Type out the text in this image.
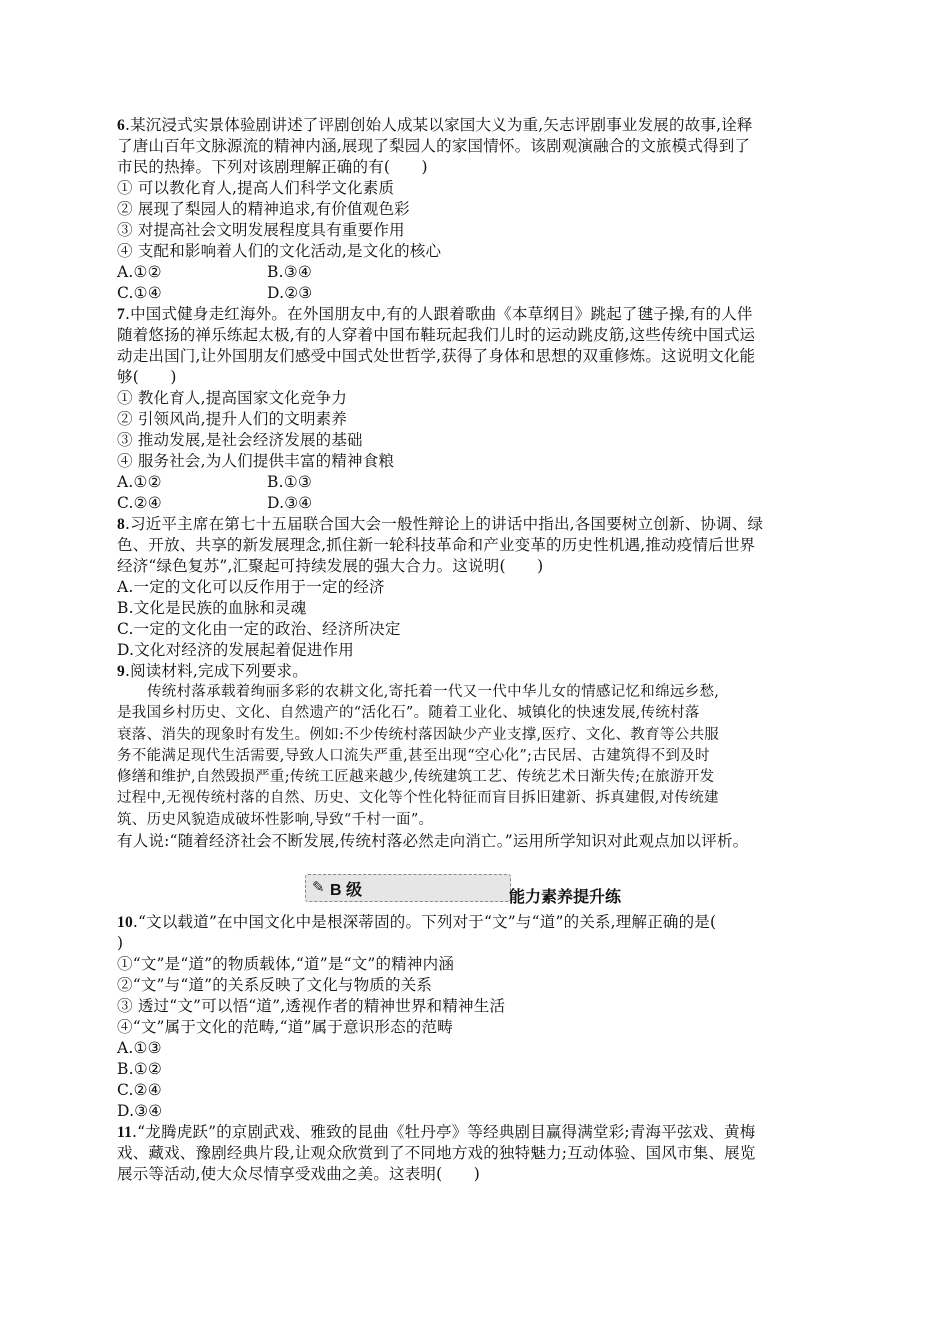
6.某沉浸式实景体验剧讲述了评剧创始人成某以家国大义为重,矢志评剧事业发展的故事,诠释
了唐山百年文脉源流的精神内涵,展现了梨园人的家国情怀。该剧观演融合的文旅模式得到了
市民的热捧。下列对该剧理解正确的有(　　)
① 可以教化育人,提高人们科学文化素质
② 展现了梨园人的精神追求,有价值观色彩
③ 对提高社会文明发展程度具有重要作用
④ 支配和影响着人们的文化活动,是文化的核心
A.①②	B.③④
C.①④	D.②③
7.中国式健身走红海外。在外国朋友中,有的人跟着歌曲《本草纲目》跳起了毽子操,有的人伴
随着悠扬的禅乐练起太极,有的人穿着中国布鞋玩起我们儿时的运动跳皮筋,这些传统中国式运
动走出国门,让外国朋友们感受中国式处世哲学,获得了身体和思想的双重修炼。这说明文化能
够(　　)
① 教化育人,提高国家文化竞争力
② 引领风尚,提升人们的文明素养
③ 推动发展,是社会经济发展的基础
④ 服务社会,为人们提供丰富的精神食粮
A.①②	B.①③
C.②④	D.③④
8.习近平主席在第七十五届联合国大会一般性辩论上的讲话中指出,各国要树立创新、协调、绿
色、开放、共享的新发展理念,抓住新一轮科技革命和产业变革的历史性机遇,推动疫情后世界
经济“绿色复苏”,汇聚起可持续发展的强大合力。这说明(　　)
A.一定的文化可以反作用于一定的经济
B.文化是民族的血脉和灵魂
C.一定的文化由一定的政治、经济所决定
D.文化对经济的发展起着促进作用
9.阅读材料,完成下列要求。
传统村落承载着绚丽多彩的农耕文化,寄托着一代又一代中华儿女的情感记忆和绵远乡愁,
是我国乡村历史、文化、自然遗产的“活化石”。随着工业化、城镇化的快速发展,传统村落
衰落、消失的现象时有发生。例如:不少传统村落因缺少产业支撑,医疗、文化、教育等公共服
务不能满足现代生活需要,导致人口流失严重,甚至出现“空心化”;古民居、古建筑得不到及时
修缮和维护,自然毁损严重;传统工匠越来越少,传统建筑工艺、传统艺术日渐失传;在旅游开发
过程中,无视传统村落的自然、历史、文化等个性化特征而盲目拆旧建新、拆真建假,对传统建
筑、历史风貌造成破坏性影响,导致“千村一面”。
有人说:“随着经济社会不断发展,传统村落必然走向消亡。”运用所学知识对此观点加以评析。
✎ B 级	能力素养提升练
10.“文以载道”在中国文化中是根深蒂固的。下列对于“文”与“道”的关系,理解正确的是(
)
①“文”是“道”的物质载体,“道”是“文”的精神内涵
②“文”与“道”的关系反映了文化与物质的关系
③ 透过“文”可以悟“道”,透视作者的精神世界和精神生活
④“文”属于文化的范畴,“道”属于意识形态的范畴
A.①③
B.①②
C.②④
D.③④
11.“龙腾虎跃”的京剧武戏、雅致的昆曲《牡丹亭》等经典剧目赢得满堂彩;青海平弦戏、黄梅
戏、藏戏、豫剧经典片段,让观众欣赏到了不同地方戏的独特魅力;互动体验、国风市集、展览
展示等活动,使大众尽情享受戏曲之美。这表明(　　)
